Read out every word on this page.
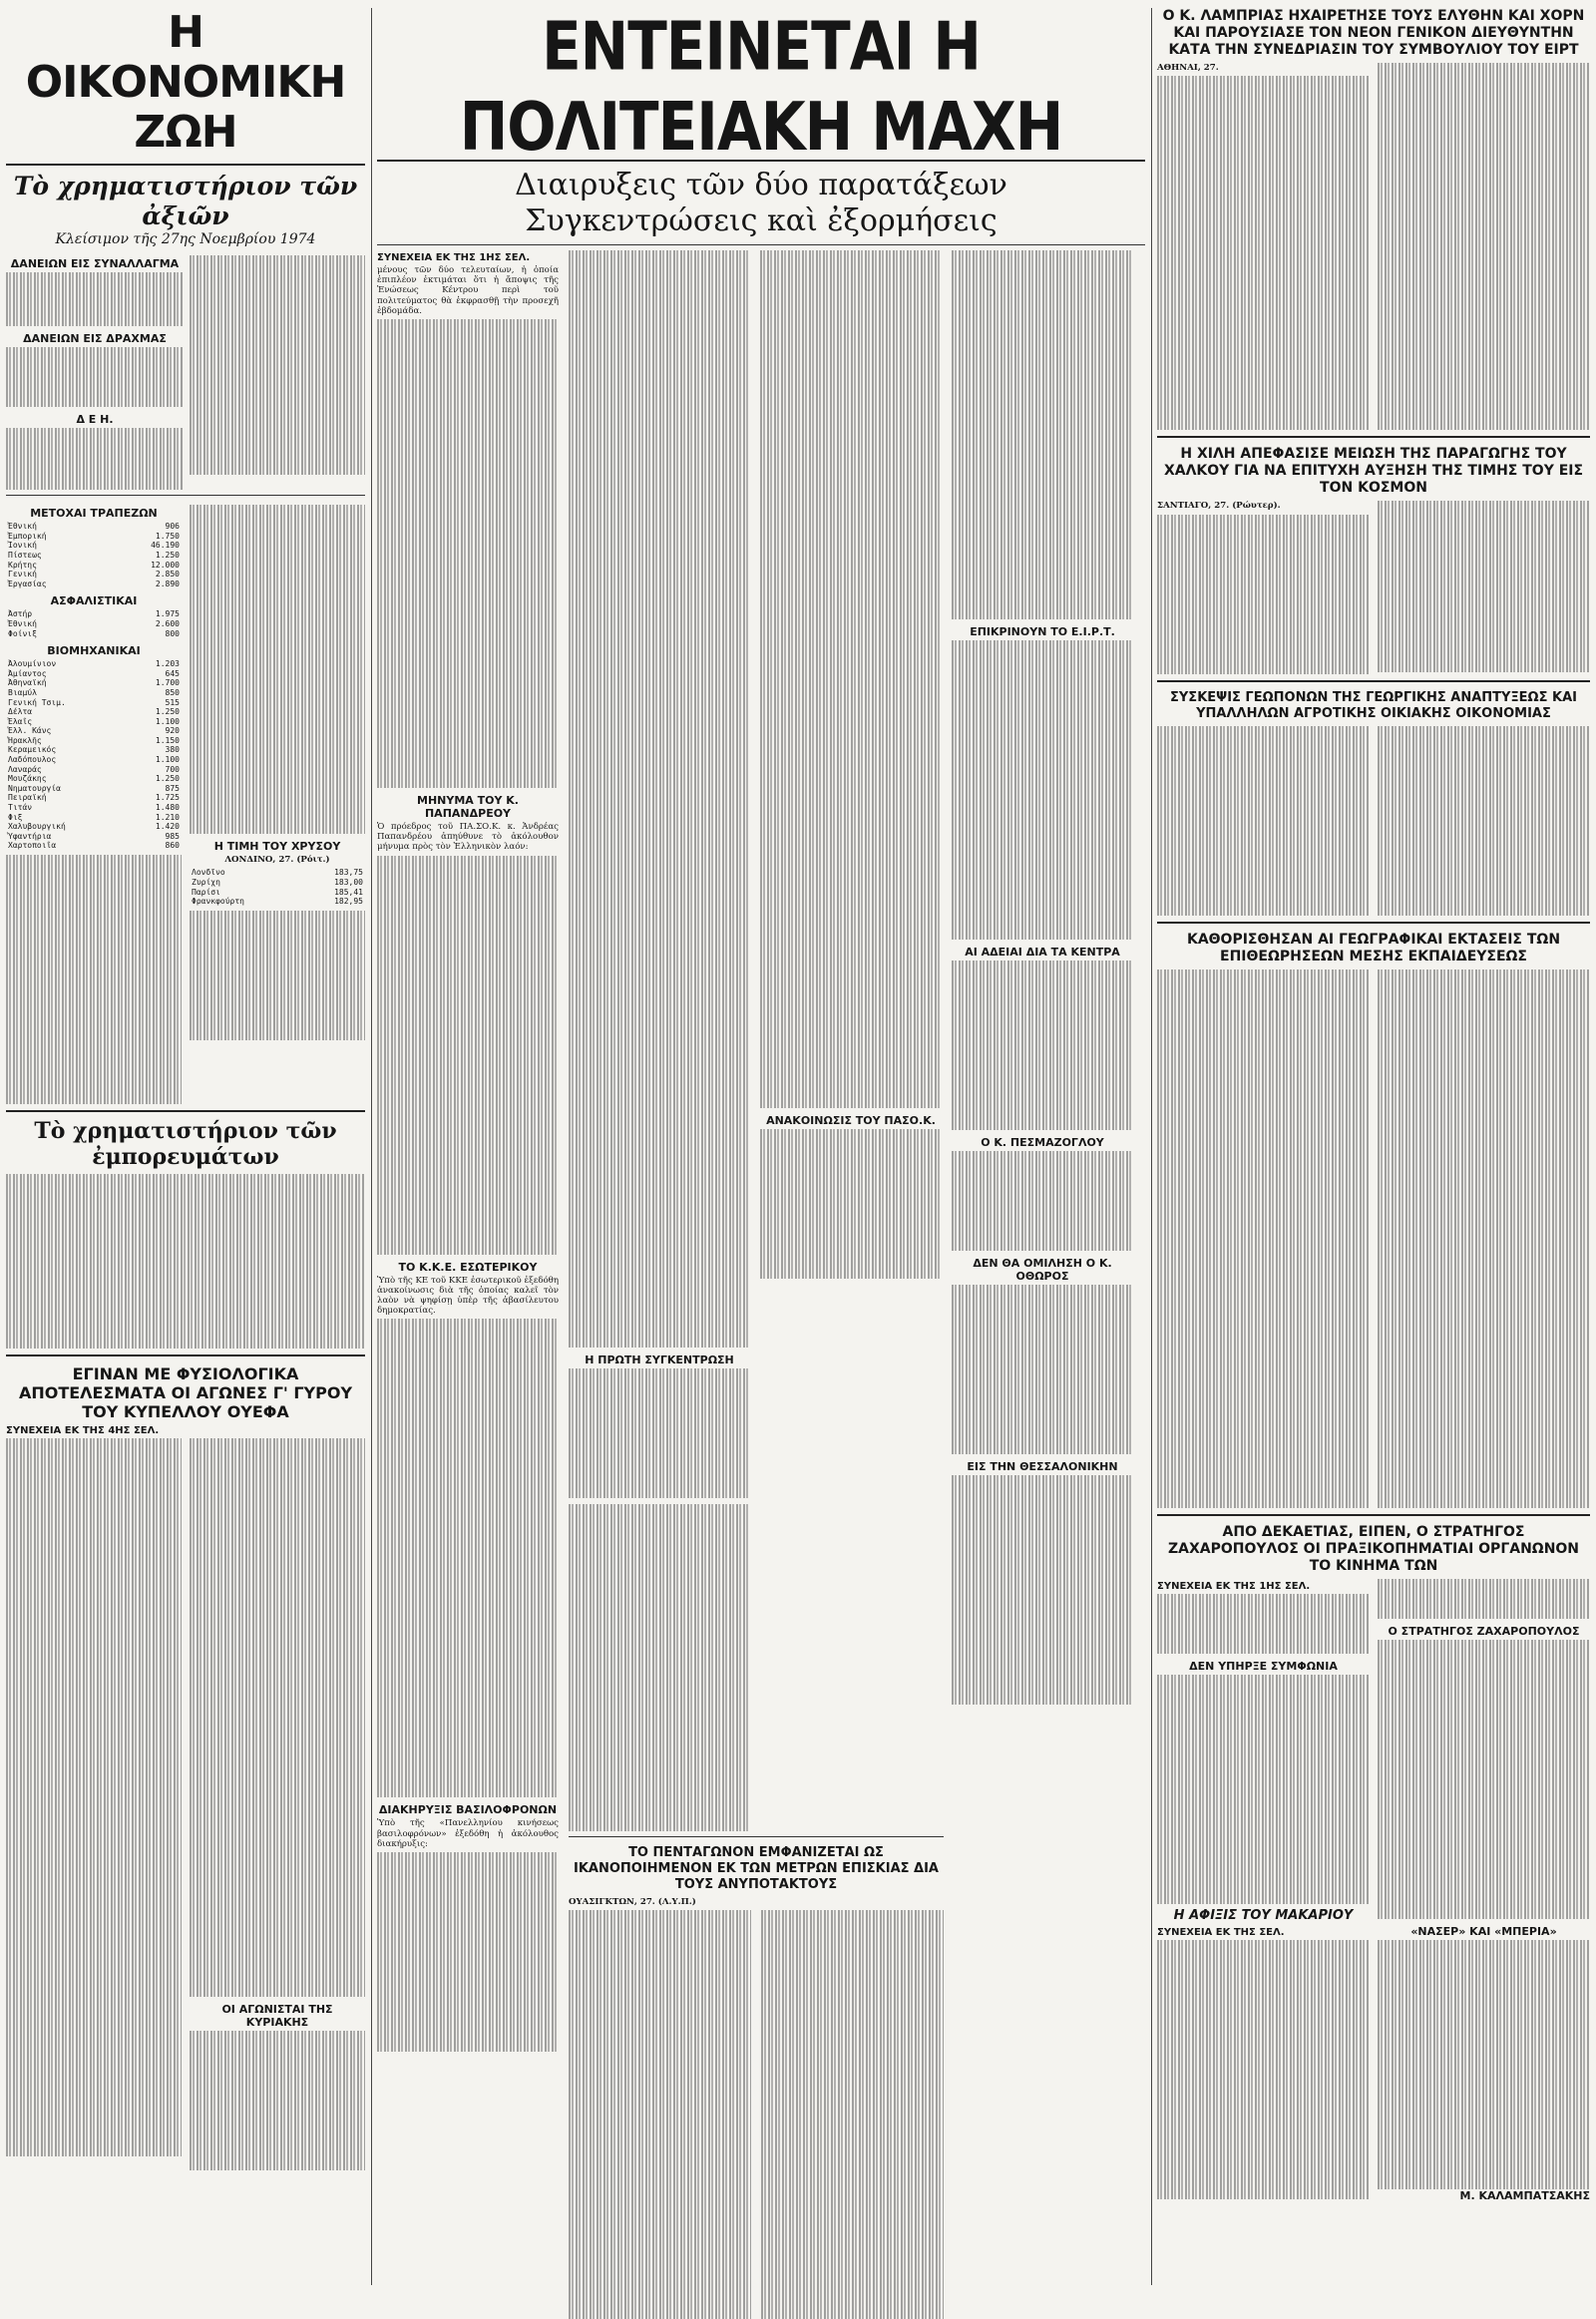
Η ΟΙΚΟΝΟΜΙΚΗ ΖΩΗ
Τὸ χρηματιστήριον τῶν ἀξιῶν
Κλείσιμον τῆς 27ης Νοεμβρίου 1974
ΔΑΝΕΙΩΝ ΕΙΣ ΣΥΝΑΛΛΑΓΜΑ
ΔΑΝΕΙΩΝ ΕΙΣ ΔΡΑΧΜΑΣ
Δ Ε Η.
ΜΕΤΟΧΑΙ ΤΡΑΠΕΖΩΝ
Ἐθνική	906
Ἐμπορική	1.750
Ἰονική	46.190
Πίστεως	1.250
Κρήτης	12.000
Γενική	2.850
Ἐργασίας	2.890
ΑΣΦΑΛΙΣΤΙΚΑΙ
Ἀστήρ	1.975
Ἐθνική	2.600
Φοίνιξ	800
ΒΙΟΜΗΧΑΝΙΚΑΙ
Ἀλουμίνιον	1.203
Ἀμίαντος	645
Ἀθηναϊκή	1.700
Βιαμύλ	850
Γενική Τσιμ.	515
Δέλτα	1.250
Ἐλαΐς	1.100
Ἑλλ. Κάνς	920
Ἡρακλῆς	1.150
Κεραμεικός	380
Λαδόπουλος	1.100
Λαναράς	700
Μουζάκης	1.250
Νηματουργία	875
Πειραϊκή	1.725
Τιτάν	1.480
Φιξ	1.210
Χαλυβουργική	1.420
Ὑφαντήρια	985
Χαρτοποιΐα	860	Η ΤΙΜΗ ΤΟΥ ΧΡΥΣΟΥ
ΛΟΝΔΙΝΟ, 27. (Ρόιτ.)
Λονδῖνο	183,75
Ζυρίχη	183,00
Παρίσι	185,41
Φρανκφούρτη	182,95
Τὸ χρηματιστήριον τῶν ἐμπορευμάτων
ΕΓΙΝΑΝ ΜΕ ΦΥΣΙΟΛΟΓΙΚΑ ΑΠΟΤΕΛΕΣΜΑΤΑ ΟΙ ΑΓΩΝΕΣ Γ' ΓΥΡΟΥ ΤΟΥ ΚΥΠΕΛΛΟΥ ΟΥΕΦΑ
ΣΥΝΕΧΕΙΑ ΕΚ ΤΗΣ 4ΗΣ ΣΕΛ.
ΟΙ ΑΓΩΝΙΣΤΑΙ ΤΗΣ ΚΥΡΙΑΚΗΣ
ΕΝΤΕΙΝΕΤΑΙ Η ΠΟΛΙΤΕΙΑΚΗ ΜΑΧΗ
Διαιρυξεις τῶν δύο παρατάξεων
Συγκεντρώσεις καὶ ἐξορμήσεις
ΣΥΝΕΧΕΙΑ ΕΚ ΤΗΣ 1ΗΣ ΣΕΛ.

μένους τῶν δύο τελευταίων, ἡ ὁποία ἐπιπλέον ἐκτιμάται ὅτι ἡ ἄποψις τῆς Ἐνώσεως Κέντρου περὶ τοῦ πολιτεύματος θὰ ἐκφρασθῇ τὴν προσεχῆ ἑβδομάδα.

ΜΗΝΥΜΑ ΤΟΥ Κ. ΠΑΠΑΝΔΡΕΟΥ

Ὁ πρόεδρος τοῦ ΠΑ.ΣΟ.Κ. κ. Ἀνδρέας Παπανδρέου ἀπηύθυνε τὸ ἀκόλουθον μήνυμα πρὸς τὸν Ἑλληνικὸν λαόν:

ΤΟ Κ.Κ.Ε. ΕΣΩΤΕΡΙΚΟΥ

Ὑπὸ τῆς ΚΕ τοῦ ΚΚΕ ἐσωτερικοῦ ἐξεδόθη ἀνακοίνωσις διὰ τῆς ὁποίας καλεῖ τὸν λαὸν νὰ ψηφίσῃ ὑπὲρ τῆς ἀβασίλευτου δημοκρατίας.

ΔΙΑΚΗΡΥΞΙΣ ΒΑΣΙΛΟΦΡΟΝΩΝ

Ὑπὸ τῆς «Πανελληνίου κινήσεως βασιλοφρόνων» ἐξεδόθη ἡ ἀκόλουθος διακήρυξις:

Η ΠΡΩΤΗ ΣΥΓΚΕΝΤΡΩΣΗ
ΑΝΑΚΟΙΝΩΣΙΣ ΤΟΥ ΠΑΣΟ.Κ.
ΕΠΙΚΡΙΝΟΥΝ ΤΟ Ε.Ι.Ρ.Τ.
ΑΙ ΑΔΕΙΑΙ ΔΙΑ ΤΑ ΚΕΝΤΡΑ
Ο Κ. ΠΕΣΜΑΖΟΓΛΟΥ
ΔΕΝ ΘΑ ΟΜΙΛΗΣΗ Ο Κ. ΟΘΩΡΟΣ
ΕΙΣ ΤΗΝ ΘΕΣΣΑΛΟΝΙΚΗΝ
ΤΟ ΠΕΝΤΑΓΩΝΟΝ ΕΜΦΑΝΙΖΕΤΑΙ ΩΣ ΙΚΑΝΟΠΟΙΗΜΕΝΟΝ ΕΚ ΤΩΝ ΜΕΤΡΩΝ ΕΠΙΣΚΙΑΣ ΔΙΑ ΤΟΥΣ ΑΝΥΠΟΤΑΚΤΟΥΣ
ΟΥΑΣΙΓΚΤΩΝ, 27. (Λ.Υ.Π.)
Ο Κ. ΛΑΜΠΡΙΑΣ ΗΧΑΙΡΕΤΗΣΕ ΤΟΥΣ ΕΛΥΘΗΝ ΚΑΙ ΧΟΡΝ ΚΑΙ ΠΑΡΟΥΣΙΑΣΕ ΤΟΝ ΝΕΟΝ ΓΕΝΙΚΟΝ ΔΙΕΥΘΥΝΤΗΝ ΚΑΤΑ ΤΗΝ ΣΥΝΕΔΡΙΑΣΙΝ ΤΟΥ ΣΥΜΒΟΥΛΙΟΥ ΤΟΥ ΕΙΡΤ
ΑΘΗΝΑΙ, 27.
Η ΧΙΛΗ ΑΠΕΦΑΣΙΣΕ ΜΕΙΩΣΗ ΤΗΣ ΠΑΡΑΓΩΓΗΣ ΤΟΥ ΧΑΛΚΟΥ ΓΙΑ ΝΑ ΕΠΙΤΥΧΗ ΑΥΞΗΣΗ ΤΗΣ ΤΙΜΗΣ ΤΟΥ ΕΙΣ ΤΟΝ ΚΟΣΜΟΝ
ΣΑΝΤΙΑΓΟ, 27. (Ρώυτερ).
ΣΥΣΚΕΨΙΣ ΓΕΩΠΟΝΩΝ ΤΗΣ ΓΕΩΡΓΙΚΗΣ ΑΝΑΠΤΥΞΕΩΣ ΚΑΙ ΥΠΑΛΛΗΛΩΝ ΑΓΡΟΤΙΚΗΣ ΟΙΚΙΑΚΗΣ ΟΙΚΟΝΟΜΙΑΣ
ΚΑΘΟΡΙΣΘΗΣΑΝ ΑΙ ΓΕΩΓΡΑΦΙΚΑΙ ΕΚΤΑΣΕΙΣ ΤΩΝ ΕΠΙΘΕΩΡΗΣΕΩΝ ΜΕΣΗΣ ΕΚΠΑΙΔΕΥΣΕΩΣ
ΑΠΟ ΔΕΚΑΕΤΙΑΣ, ΕΙΠΕΝ, Ο ΣΤΡΑΤΗΓΟΣ ΖΑΧΑΡΟΠΟΥΛΟΣ ΟΙ ΠΡΑΞΙΚΟΠΗΜΑΤΙΑΙ ΟΡΓΑΝΩΝΟΝ ΤΟ ΚΙΝΗΜΑ ΤΩΝ
ΣΥΝΕΧΕΙΑ ΕΚ ΤΗΣ 1ΗΣ ΣΕΛ.
ΔΕΝ ΥΠΗΡΞΕ ΣΥΜΦΩΝΙΑ
Η ΑΦΙΞΙΣ ΤΟΥ ΜΑΚΑΡΙΟΥ
ΣΥΝΕΧΕΙΑ ΕΚ ΤΗΣ ΣΕΛ.
Ο ΣΤΡΑΤΗΓΟΣ ΖΑΧΑΡΟΠΟΥΛΟΣ
«ΝΑΣΕΡ» ΚΑΙ «ΜΠΕΡΙΑ»
Μ. ΚΑΛΑΜΠΑΤΣΑΚΗΣ
